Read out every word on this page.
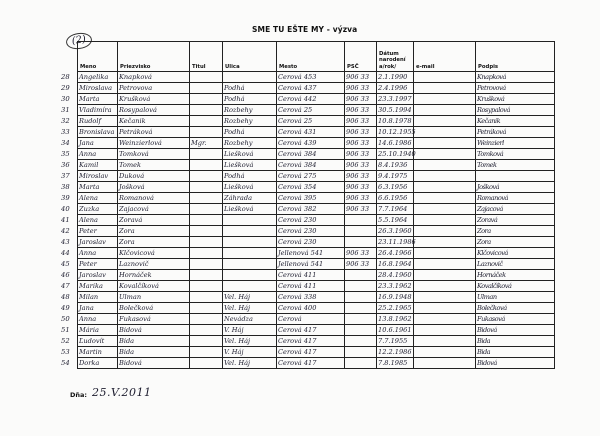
SME TU EŠTE MY - výzva
(2)
Meno	Priezvisko	Titul	Ulica	Mesto	PSČ	Dátum narodení a/rok/	e-mail	Podpis

28 Angelika	Knapková			Cerová 453	906 33	2.1.1990		Knapková

29 Miroslava	Petrovova		Podhá	Cerová 437	906 33	2.4.1996		Petrovová

30 Marta	Krušková		Podhá	Cerová 442	906 33	23.3.1997		Krušková

31 Vladimíra	Rosypalová		Rozbehy	Cerová 25	906 33	30.5.1994		Rosypalová

32 Rudolf	Kečanik		Rozbehy	Cerová 25	906 33	10.8.1978		Kečanik

33 Bronislava	Petráková		Podhá	Cerová 431	906 33	10.12.1955		Petráková

34 Jana	Weinzierlová	Mgr.	Rozbehy	Cerová 439	906 33	14.6.1986		Weinzierl

35 Anna	Tomková		Liešková	Cerová 384	906 33	25.10.1940		Tomková

36 Kamil	Tomek		Liešková	Cerová 384	906 33	8.4.1936		Tomek

37 Miroslav	Duková		Podhá	Cerová 275	906 33	9.4.1975		

38 Marta	Jošková		Liešková	Cerová 354	906 33	6.3.1956		Jošková

39 Alena	Romanová		Záhrada	Cerová 395	906 33	6.6.1956		Romanová

40 Zuzka	Zajacová		Liešková	Cerová 382	906 33	7.7.1964		Zajacová

41 Alena	Zoravá			Cerová 230		5.5.1964		Zoravá

42 Peter	Zora			Cerová 230		26.3.1960		Zora

43 Jaroslav	Zora			Cerová 230		23.11.1986		Zora

44 Anna	Klčovicová			Jellenová 541	906 33	26.4.1966		Klčovicová

45 Peter	Laznovič			Jellenová 541	906 33	16.8.1964		Laznovič

46 Jaroslav	Hornáček			Cerová 411		28.4.1960		Hornáček

47 Marika	Kovalčíková			Cerová 411		23.3.1962		Kovalčíková

48 Milan	Ulman		Vel. Háj	Cerová 338		16.9.1948		Ulman

49 Jana	Bolečková		Vel. Háj	Cerová 400		25.2.1965		Bolečková

50 Anna	Fukasová		Nevádza	Cerová		13.8.1962		Fukasová

51 Mária	Bidová		V. Háj	Cerová 417		10.6.1961		Bidová

52 Ľudovít	Bida		Vel. Háj	Cerová 417		7.7.1955		Bida

53 Martin	Bida		V. Háj	Cerová 417		12.2.1986		Bida

54 Dorka	Bidová		Vel. Háj	Cerová 417		7.8.1985		Bidová
Dňa: 25.V.2011
